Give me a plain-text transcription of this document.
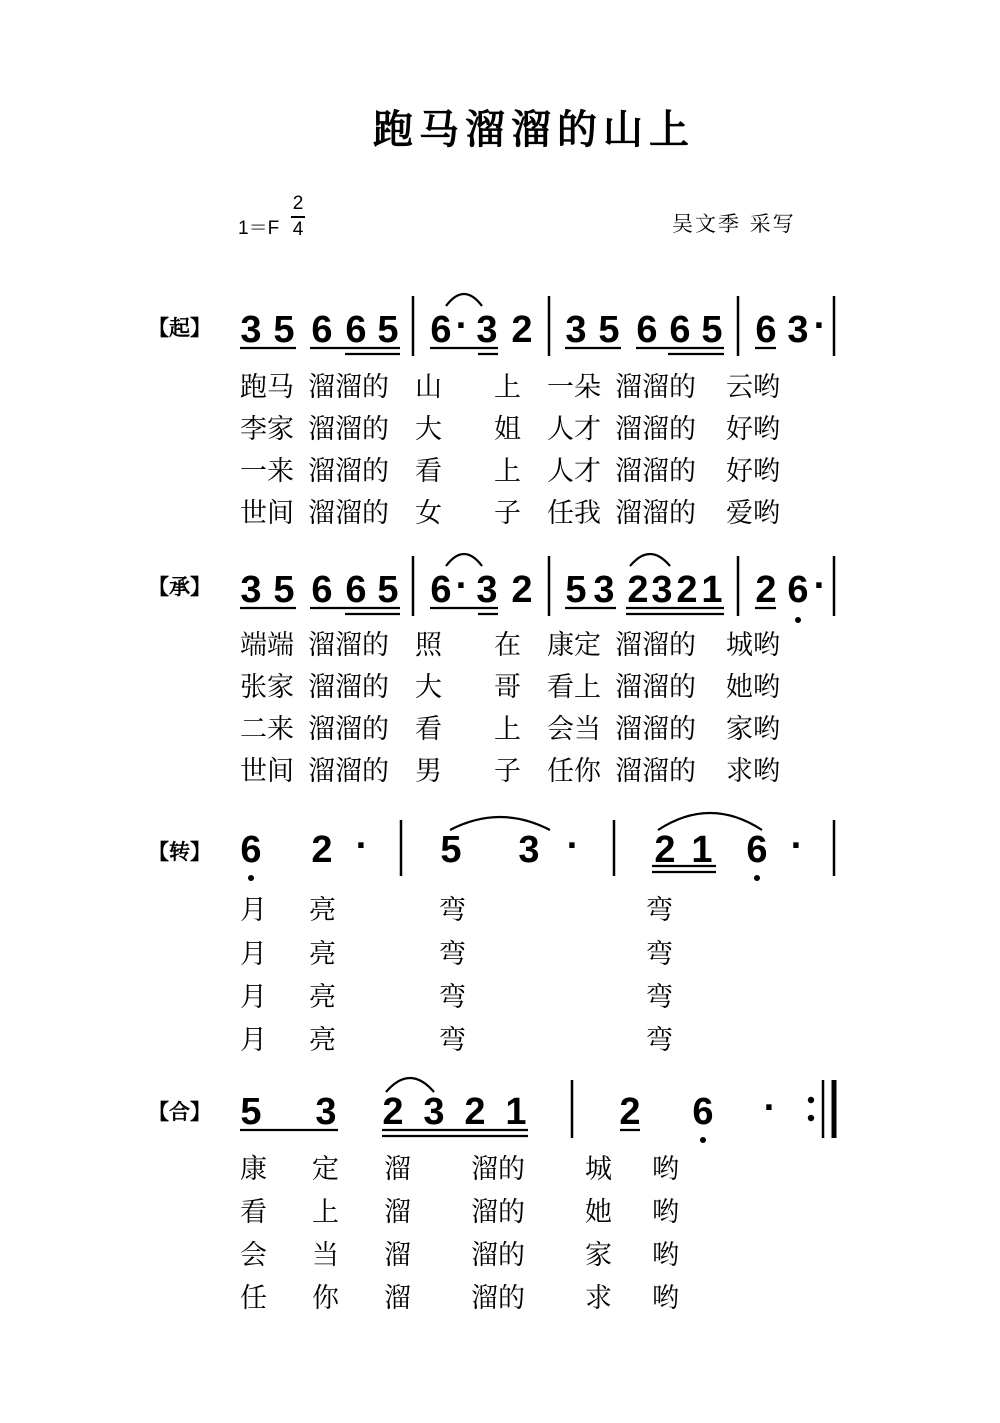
跑马溜溜的山上
1＝F
2
4	吴文季 采写
【起】
【承】
【转】
【合】
3 5 6 6 5 6 · 3 2 3 5 6 6 5 6 3 ·
3 5 6 6 5 6 · 3 2 5 3 2 3 2 1 2 6 ·
6 2 · 5 3 · 2 1 6 ·
5 3 2 3 2 1 2 6 ·
跑马 溜溜的 山 上 一朵 溜溜的 云哟
李家 溜溜的 大 姐 人才 溜溜的 好哟
一来 溜溜的 看 上 人才 溜溜的 好哟
世间 溜溜的 女 子 任我 溜溜的 爱哟
端端 溜溜的 照 在 康定 溜溜的 城哟
张家 溜溜的 大 哥 看上 溜溜的 她哟
二来 溜溜的 看 上 会当 溜溜的 家哟
世间 溜溜的 男 子 任你 溜溜的 求哟
月 亮	弯	弯
月 亮	弯	弯
月 亮	弯	弯
月 亮	弯	弯
康 定 溜 溜的 城 哟
看 上 溜 溜的 她 哟
会 当 溜 溜的 家 哟
任 你 溜 溜的 求 哟
